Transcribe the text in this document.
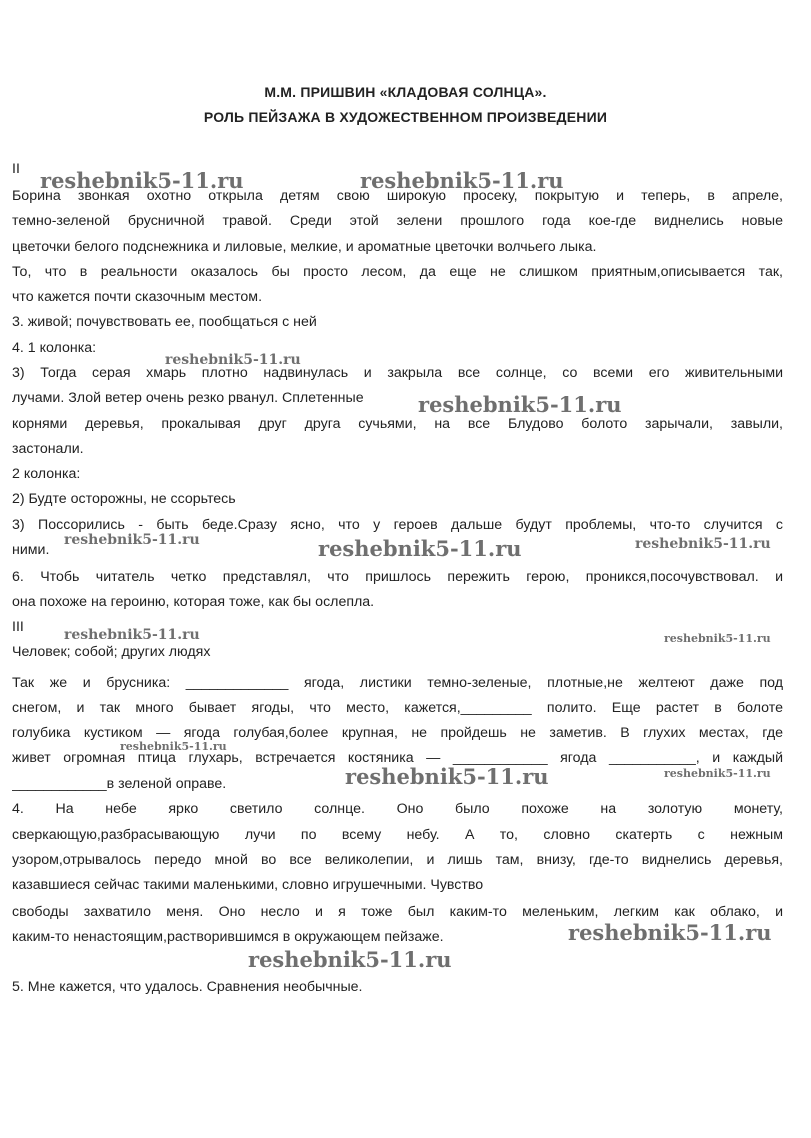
М.М. ПРИШВИН «КЛАДОВАЯ СОЛНЦА».
РОЛЬ ПЕЙЗАЖА В ХУДОЖЕСТВЕННОМ ПРОИЗВЕДЕНИИ
II
Борина звонкая охотно открыла детям свою широкую просеку, покрытую и теперь, в апреле,
темно-зеленой брусничной травой. Среди этой зелени прошлого года кое-где виднелись новые
цветочки белого подснежника и лиловые, мелкие, и ароматные цветочки волчьего лыка.
То, что в реальности оказалось бы просто лесом, да еще не слишком приятным,описывается так,
что кажется почти сказочным местом.
3. живой; почувствовать ее, пообщаться с ней
4. 1 колонка:
3) Тогда серая хмарь плотно надвинулась и закрыла все солнце, со всеми его живительными
лучами. Злой ветер очень резко рванул. Сплетенные
корнями деревья, прокалывая друг друга сучьями, на все Блудово болото зарычали, завыли,
застонали.
2 колонка:
2) Будте осторожны, не ссорьтесь
3) Поссорились - быть беде.Сразу ясно, что у героев дальше будут проблемы, что-то случится с
ними.
6. Чтобь читатель четко представлял, что пришлось пережить герою, проникся,посочувствовал. и
она похоже на героиню, которая тоже, как бы ослепла.
III
Человек; собой; других людях
Так же и брусника: _____________ ягода, листики темно-зеленые, плотные,не желтеют даже под
снегом, и так много бывает ягоды, что место, кажется,_________ полито. Еще растет в болоте
голубика кустиком — ягода голубая,более крупная, не пройдешь не заметив. В глухих местах, где
живет огромная птица глухарь, встречается костяника — ____________ ягода ___________, и каждый
____________в зеленой оправе.
4. На небе ярко светило солнце. Оно было похоже на золотую монету,
сверкающую,разбрасывающую лучи по всему небу. А то, словно скатерть с нежным
узором,отрывалось передо мной во все великолепии, и лишь там, внизу, где-то виднелись деревья,
казавшиеся сейчас такими маленькими, словно игрушечными. Чувство
свободы захватило меня. Оно несло и я тоже был каким-то меленьким, легким как облако, и
каким-то ненастоящим,растворившимся в окружающем пейзаже.
5. Мне кажется, что удалось. Сравнения необычные.
reshebnik5-11.ru	reshebnik5-11.ru
reshebnik5-11.ru
reshebnik5-11.ru
reshebnik5-11.ru	reshebnik5-11.ru	reshebnik5-11.ru
reshebnik5-11.ru	reshebnik5-11.ru
reshebnik5-11.ru
reshebnik5-11.ru	reshebnik5-11.ru
reshebnik5-11.ru
reshebnik5-11.ru
